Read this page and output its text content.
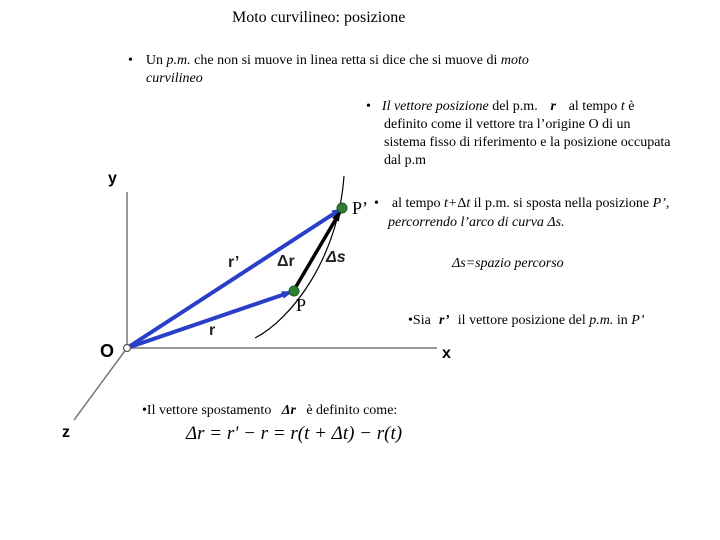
Moto curvilineo: posizione
• Un p.m. che non si muove in linea retta si dice che si muove di moto
curvilineo
• Il vettore posizione del p.m. r al tempo t è
definito come il vettore tra l’origine O di un
sistema fisso di riferimento e la posizione occupata
dal p.m
• al tempo t+Δt il p.m. si sposta nella posizione P’,
percorrendo l’arco di curva Δs.
Δs=spazio percorso
•Sia r’ il vettore posizione del p.m. in P’
•Il vettore spostamento Δr è definito come:
Δr = r' − r = r(t + Δt) − r(t)
y
x
z
O
r
r’ Δr Δs
P
P’
